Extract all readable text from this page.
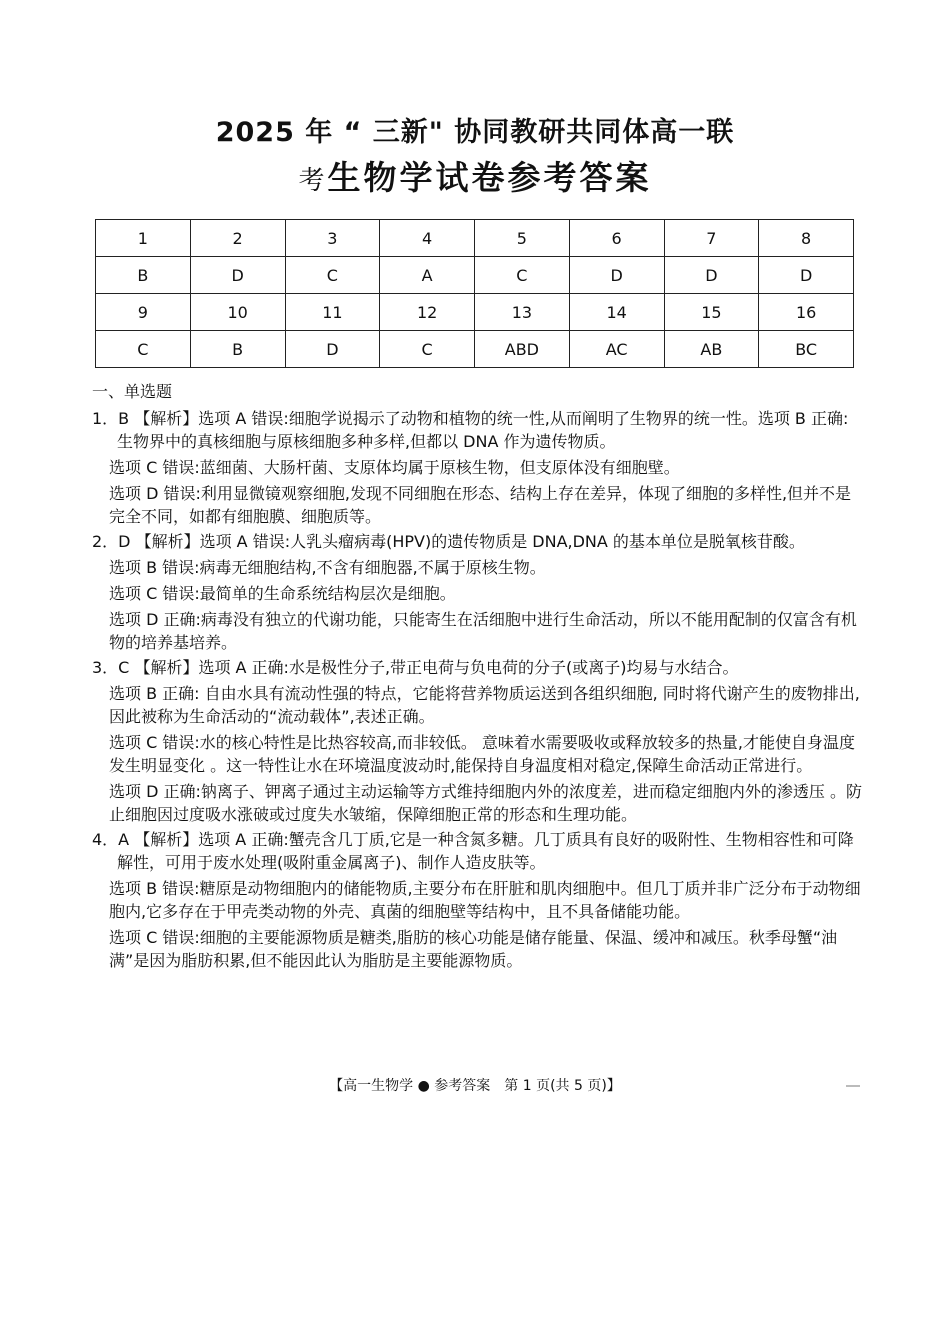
2025 年 “ 三新" 协同教研共同体高一联
考生物学试卷参考答案
1	2	3	4	5	6	7	8
B	D	C	A	C	D	D	D
9	10	11	12	13	14	15	16
C	B	D	C	ABD	AC	AB	BC

一、单选题

1．B 【解析】选项 A 错误:细胞学说揭示了动物和植物的统一性,从而阐明了生物界的统一性。选项 B 正确:生物界中的真核细胞与原核细胞多种多样,但都以 DNA 作为遗传物质。

选项 C 错误:蓝细菌、大肠杆菌、支原体均属于原核生物，但支原体没有细胞壁。

选项 D 错误:利用显微镜观察细胞,发现不同细胞在形态、结构上存在差异，体现了细胞的多样性,但并不是完全不同，如都有细胞膜、细胞质等。

2．D 【解析】选项 A 错误:人乳头瘤病毒(HPV)的遗传物质是 DNA,DNA 的基本单位是脱氧核苷酸。

选项 B 错误:病毒无细胞结构,不含有细胞器,不属于原核生物。

选项 C 错误:最简单的生命系统结构层次是细胞。

选项 D 正确:病毒没有独立的代谢功能，只能寄生在活细胞中进行生命活动，所以不能用配制的仅富含有机物的培养基培养。

3．C 【解析】选项 A 正确:水是极性分子,带正电荷与负电荷的分子(或离子)均易与水结合。

选项 B 正确: 自由水具有流动性强的特点，它能将营养物质运送到各组织细胞, 同时将代谢产生的废物排出,因此被称为生命活动的“流动载体”,表述正确。

选项 C 错误:水的核心特性是比热容较高,而非较低。 意味着水需要吸收或释放较多的热量,才能使自身温度发生明显变化 。这一特性让水在环境温度波动时,能保持自身温度相对稳定,保障生命活动正常进行。

选项 D 正确:钠离子、钾离子通过主动运输等方式维持细胞内外的浓度差，进而稳定细胞内外的渗透压 。防止细胞因过度吸水涨破或过度失水皱缩，保障细胞正常的形态和生理功能。

4．A 【解析】选项 A 正确:蟹壳含几丁质,它是一种含氮多糖。几丁质具有良好的吸附性、生物相容性和可降解性，可用于废水处理(吸附重金属离子)、制作人造皮肤等。

选项 B 错误:糖原是动物细胞内的储能物质,主要分布在肝脏和肌肉细胞中。但几丁质并非广泛分布于动物细胞内,它多存在于甲壳类动物的外壳、真菌的细胞壁等结构中，且不具备储能功能。

选项 C 错误:细胞的主要能源物质是糖类,脂肪的核心功能是储存能量、保温、缓冲和减压。秋季母蟹“油满”是因为脂肪积累,但不能因此认为脂肪是主要能源物质。

【高一生物学 ● 参考答案　第 1 页(共 5 页)】
